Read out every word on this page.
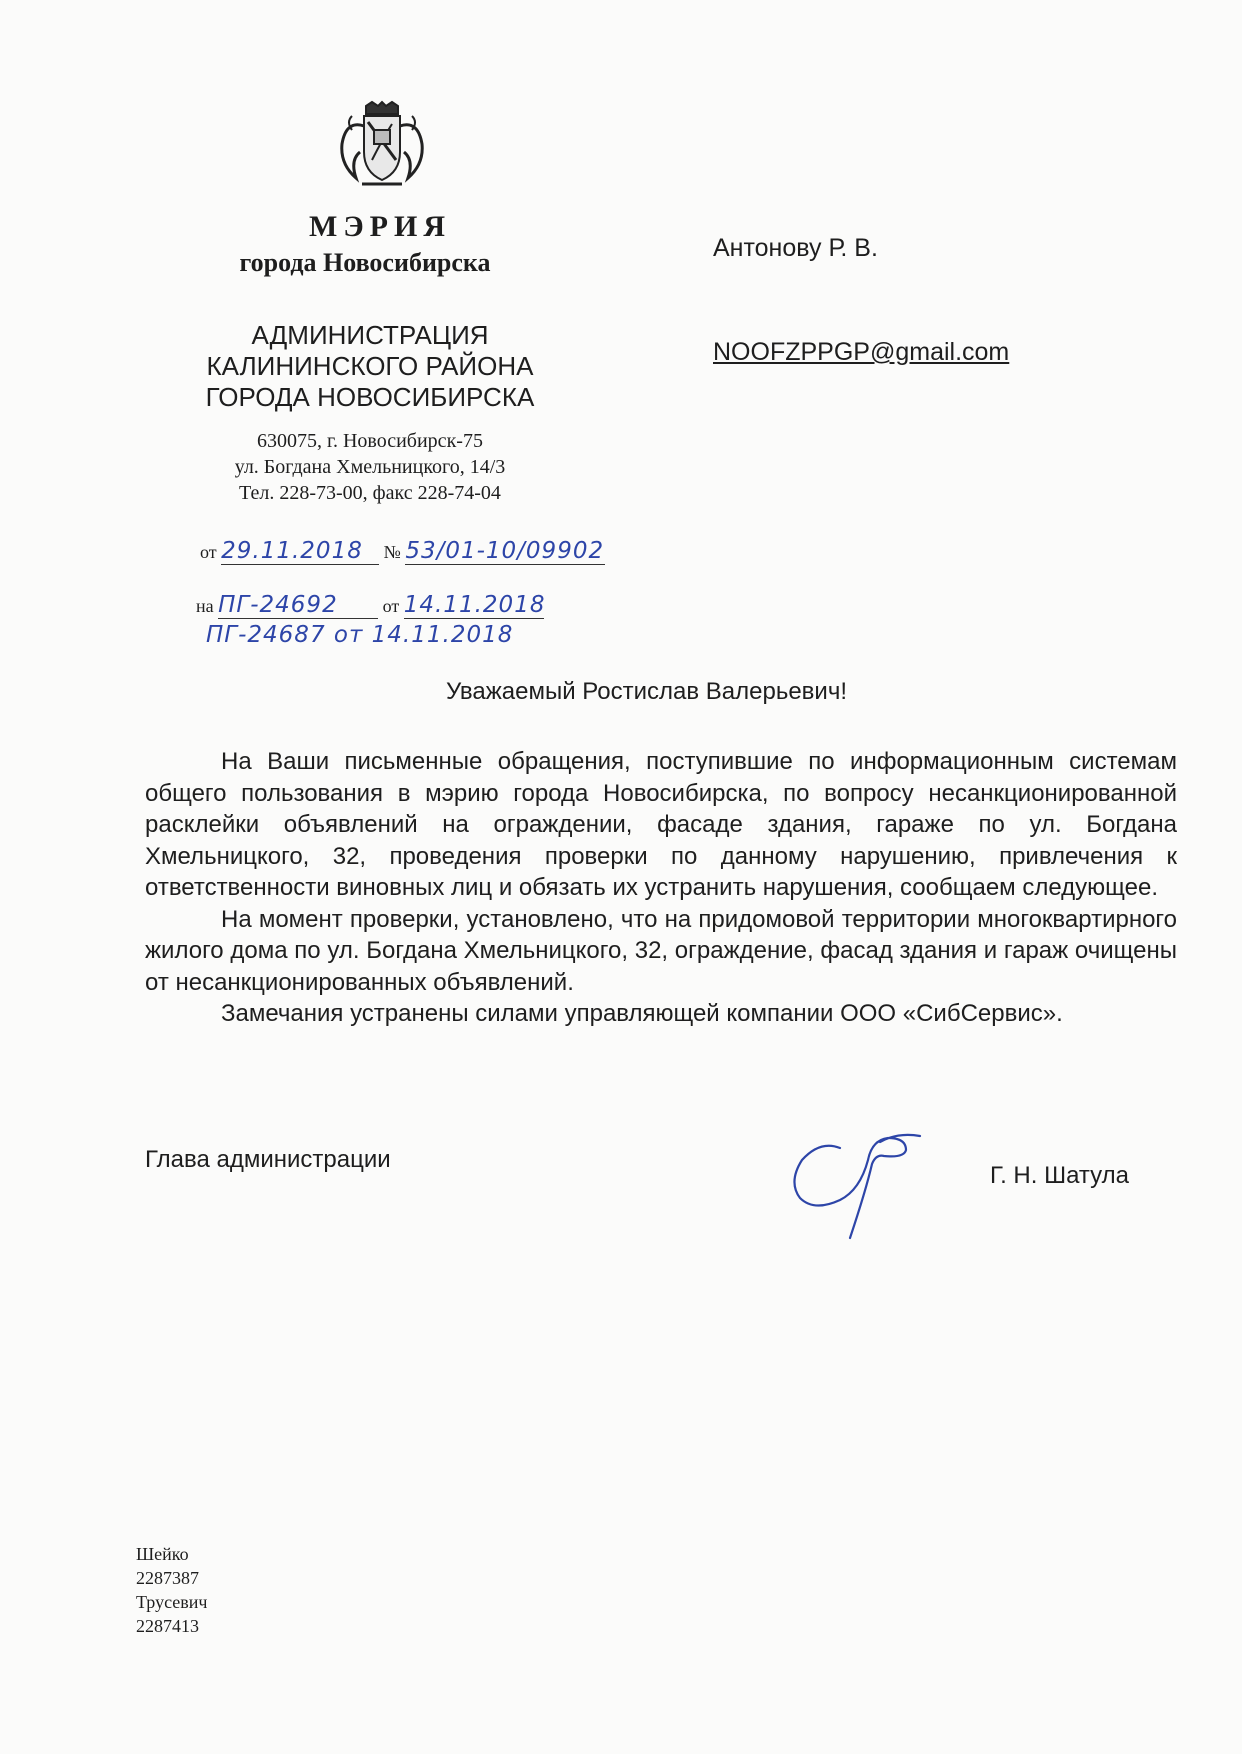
МЭРИЯ
города Новосибирска
АДМИНИСТРАЦИЯ
КАЛИНИНСКОГО РАЙОНА
ГОРОДА НОВОСИБИРСКА
630075, г. Новосибирск-75
ул. Богдана Хмельницкого, 14/3
Тел. 228-73-00, факс 228-74-04
от 29.11.2018 № 53/01-10/09902
на ПГ-24692 от 14.11.2018
ПГ-24687 от 14.11.2018
Антонову Р. В.
NOOFZPPGP@gmail.com
Уважаемый Ростислав Валерьевич!

На Ваши письменные обращения, поступившие по информационным системам общего пользования в мэрию города Новосибирска, по вопросу несанкционированной расклейки объявлений на ограждении, фасаде здания, гараже по ул. Богдана Хмельницкого, 32, проведения проверки по данному нарушению, привлечения к ответственности виновных лиц и обязать их устранить нарушения, сообщаем следующее.

На момент проверки, установлено, что на придомовой территории многоквартирного жилого дома по ул. Богдана Хмельницкого, 32, ограждение, фасад здания и гараж очищены от несанкционированных объявлений.

Замечания устранены силами управляющей компании ООО «СибСервис».

Глава администрации
Г. Н. Шатула
Шейко
2287387
Трусевич
2287413
